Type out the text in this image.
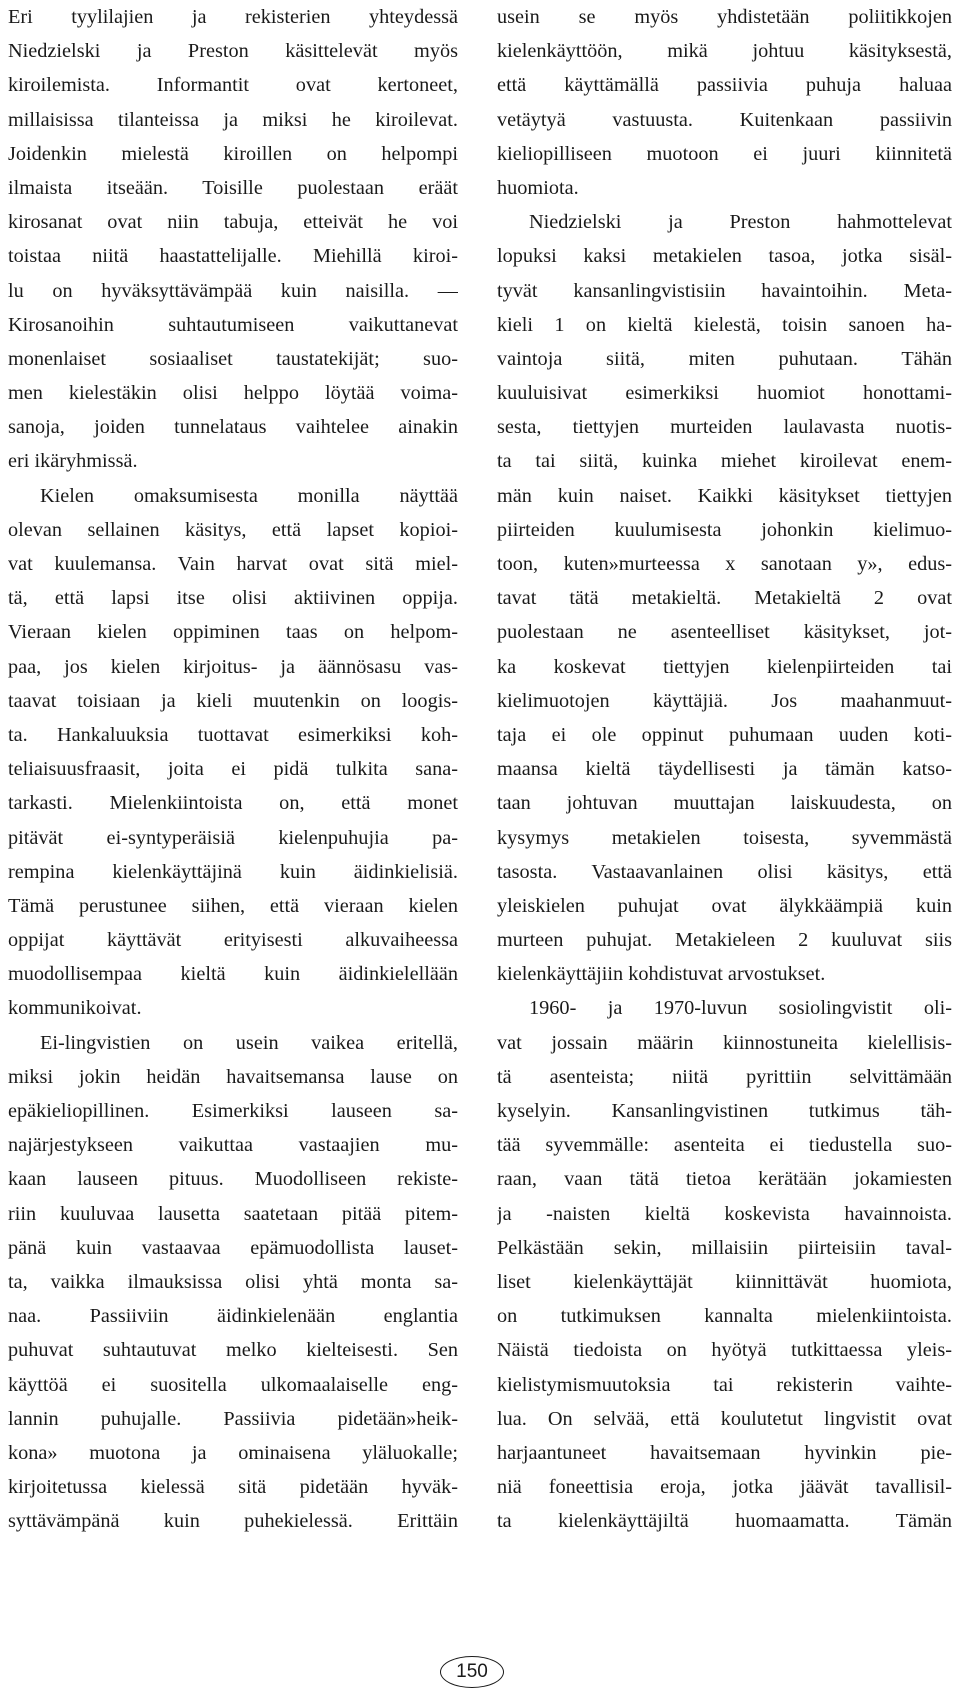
Eri tyylilajien ja rekisterien yhteydessä
Niedzielski ja Preston käsittelevät myös
kiroilemista. Informantit ovat kertoneet,
millaisissa tilanteissa ja miksi he kiroilevat.
Joidenkin mielestä kiroillen on helpompi
ilmaista itseään. Toisille puolestaan eräät
kirosanat ovat niin tabuja, etteivät he voi
toistaa niitä haastattelijalle. Miehillä kiroi-
lu on hyväksyttävämpää kuin naisilla. —
Kirosanoihin suhtautumiseen vaikuttanevat
monenlaiset sosiaaliset taustatekijät; suo-
men kielestäkin olisi helppo löytää voima-
sanoja, joiden tunnelataus vaihtelee ainakin
eri ikäryhmissä.
Kielen omaksumisesta monilla näyttää
olevan sellainen käsitys, että lapset kopioi-
vat kuulemansa. Vain harvat ovat sitä miel-
tä, että lapsi itse olisi aktiivinen oppija.
Vieraan kielen oppiminen taas on helpom-
paa, jos kielen kirjoitus- ja äännösasu vas-
taavat toisiaan ja kieli muutenkin on loogis-
ta. Hankaluuksia tuottavat esimerkiksi koh-
teliaisuusfraasit, joita ei pidä tulkita sana-
tarkasti. Mielenkiintoista on, että monet
pitävät ei-syntyperäisiä kielenpuhujia pa-
rempina kielenkäyttäjinä kuin äidinkielisiä.
Tämä perustunee siihen, että vieraan kielen
oppijat käyttävät erityisesti alkuvaiheessa
muodollisempaa kieltä kuin äidinkielellään
kommunikoivat.
Ei-lingvistien on usein vaikea eritellä,
miksi jokin heidän havaitsemansa lause on
epäkieliopillinen. Esimerkiksi lauseen sa-
najärjestykseen vaikuttaa vastaajien mu-
kaan lauseen pituus. Muodolliseen rekiste-
riin kuuluvaa lausetta saatetaan pitää pitem-
pänä kuin vastaavaa epämuodollista lauset-
ta, vaikka ilmauksissa olisi yhtä monta sa-
naa. Passiiviin äidinkielenään englantia
puhuvat suhtautuvat melko kielteisesti. Sen
käyttöä ei suositella ulkomaalaiselle eng-
lannin puhujalle. Passiivia pidetään»heik-
kona» muotona ja ominaisena yläluokalle;
kirjoitetussa kielessä sitä pidetään hyväk-
syttävämpänä kuin puhekielessä. Erittäin
usein se myös yhdistetään poliitikkojen
kielenkäyttöön, mikä johtuu käsityksestä,
että käyttämällä passiivia puhuja haluaa
vetäytyä vastuusta. Kuitenkaan passiivin
kieliopilliseen muotoon ei juuri kiinnitetä
huomiota.
Niedzielski ja Preston hahmottelevat
lopuksi kaksi metakielen tasoa, jotka sisäl-
tyvät kansanlingvistisiin havaintoihin. Meta-
kieli 1 on kieltä kielestä, toisin sanoen ha-
vaintoja siitä, miten puhutaan. Tähän
kuuluisivat esimerkiksi huomiot honottami-
sesta, tiettyjen murteiden laulavasta nuotis-
ta tai siitä, kuinka miehet kiroilevat enem-
män kuin naiset. Kaikki käsitykset tiettyjen
piirteiden kuulumisesta johonkin kielimuo-
toon, kuten»murteessa x sanotaan y», edus-
tavat tätä metakieltä. Metakieltä 2 ovat
puolestaan ne asenteelliset käsitykset, jot-
ka koskevat tiettyjen kielenpiirteiden tai
kielimuotojen käyttäjiä. Jos maahanmuut-
taja ei ole oppinut puhumaan uuden koti-
maansa kieltä täydellisesti ja tämän katso-
taan johtuvan muuttajan laiskuudesta, on
kysymys metakielen toisesta, syvemmästä
tasosta. Vastaavanlainen olisi käsitys, että
yleiskielen puhujat ovat älykkäämpiä kuin
murteen puhujat. Metakieleen 2 kuuluvat siis
kielenkäyttäjiin kohdistuvat arvostukset.
1960- ja 1970-luvun sosiolingvistit oli-
vat jossain määrin kiinnostuneita kielellisis-
tä asenteista; niitä pyrittiin selvittämään
kyselyin. Kansanlingvistinen tutkimus täh-
tää syvemmälle: asenteita ei tiedustella suo-
raan, vaan tätä tietoa kerätään jokamiesten
ja -naisten kieltä koskevista havainnoista.
Pelkästään sekin, millaisiin piirteisiin taval-
liset kielenkäyttäjät kiinnittävät huomiota,
on tutkimuksen kannalta mielenkiintoista.
Näistä tiedoista on hyötyä tutkittaessa yleis-
kielistymismuutoksia tai rekisterin vaihte-
lua. On selvää, että koulutetut lingvistit ovat
harjaantuneet havaitsemaan hyvinkin pie-
niä foneettisia eroja, jotka jäävät tavallisil-
ta kielenkäyttäjiltä huomaamatta. Tämän
150
